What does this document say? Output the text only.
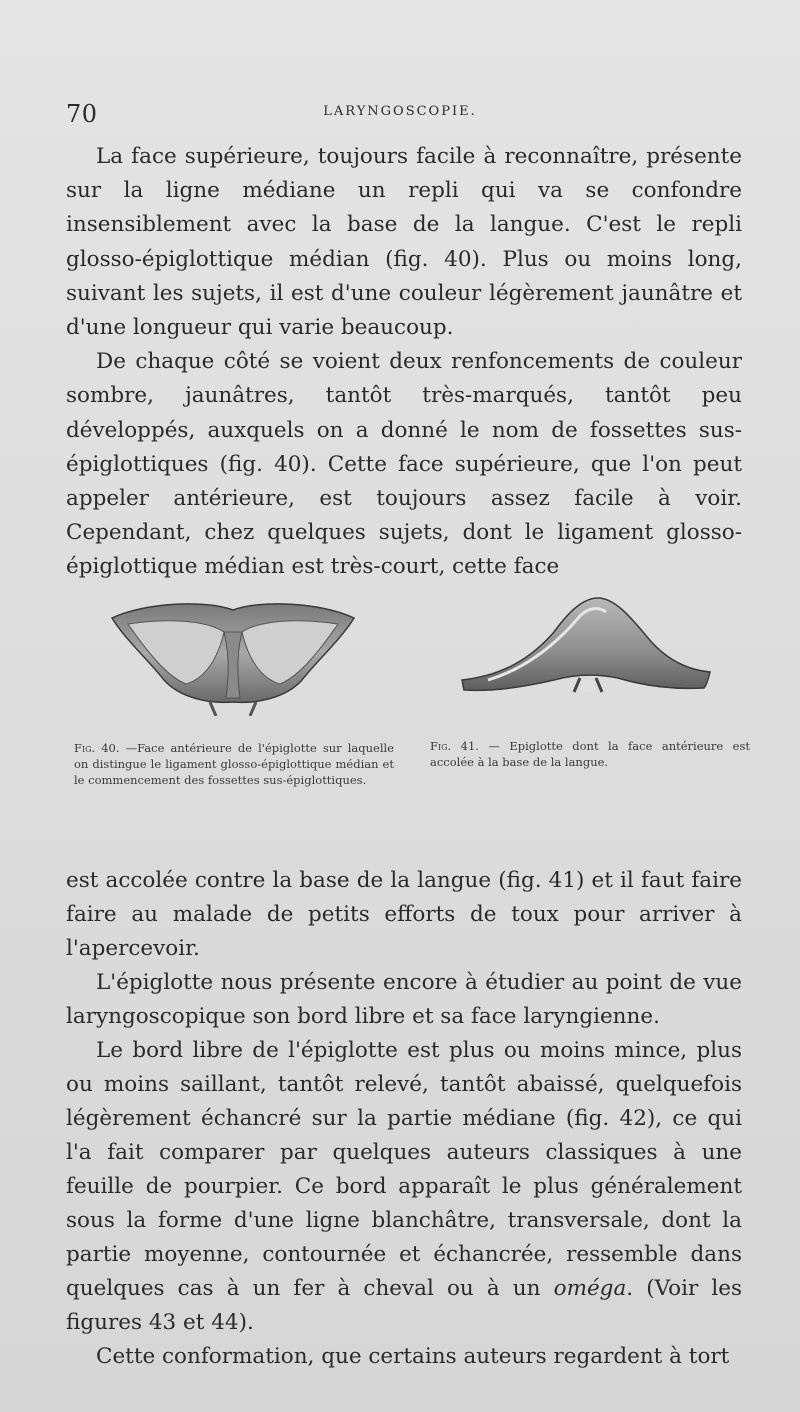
70	LARYNGOSCOPIE.

La face supérieure, toujours facile à reconnaître, présente sur la ligne médiane un repli qui va se confondre insensiblement avec la base de la langue. C'est le repli glosso-épiglottique médian (fig. 40). Plus ou moins long, suivant les sujets, il est d'une couleur légèrement jaunâtre et d'une longueur qui varie beaucoup.

De chaque côté se voient deux renfoncements de couleur sombre, jaunâtres, tantôt très-marqués, tantôt peu développés, auxquels on a donné le nom de fossettes sus-épiglottiques (fig. 40). Cette face supérieure, que l'on peut appeler antérieure, est toujours assez facile à voir. Cependant, chez quelques sujets, dont le ligament glosso-épiglottique médian est très-court, cette face

Fig. 40. —Face antérieure de l'épiglotte sur laquelle on distingue le ligament glosso-épiglottique médian et le commencement des fossettes sus-épiglottiques.
Fig. 41. — Epiglotte dont la face antérieure est accolée à la base de la langue.

est accolée contre la base de la langue (fig. 41) et il faut faire faire au malade de petits efforts de toux pour arriver à l'apercevoir.

L'épiglotte nous présente encore à étudier au point de vue laryngoscopique son bord libre et sa face laryngienne.

Le bord libre de l'épiglotte est plus ou moins mince, plus ou moins saillant, tantôt relevé, tantôt abaissé, quelquefois légèrement échancré sur la partie médiane (fig. 42), ce qui l'a fait comparer par quelques auteurs classiques à une feuille de pourpier. Ce bord apparaît le plus généralement sous la forme d'une ligne blanchâtre, transversale, dont la partie moyenne, contournée et échancrée, ressemble dans quelques cas à un fer à cheval ou à un oméga. (Voir les figures 43 et 44).

Cette conformation, que certains auteurs regardent à tort
